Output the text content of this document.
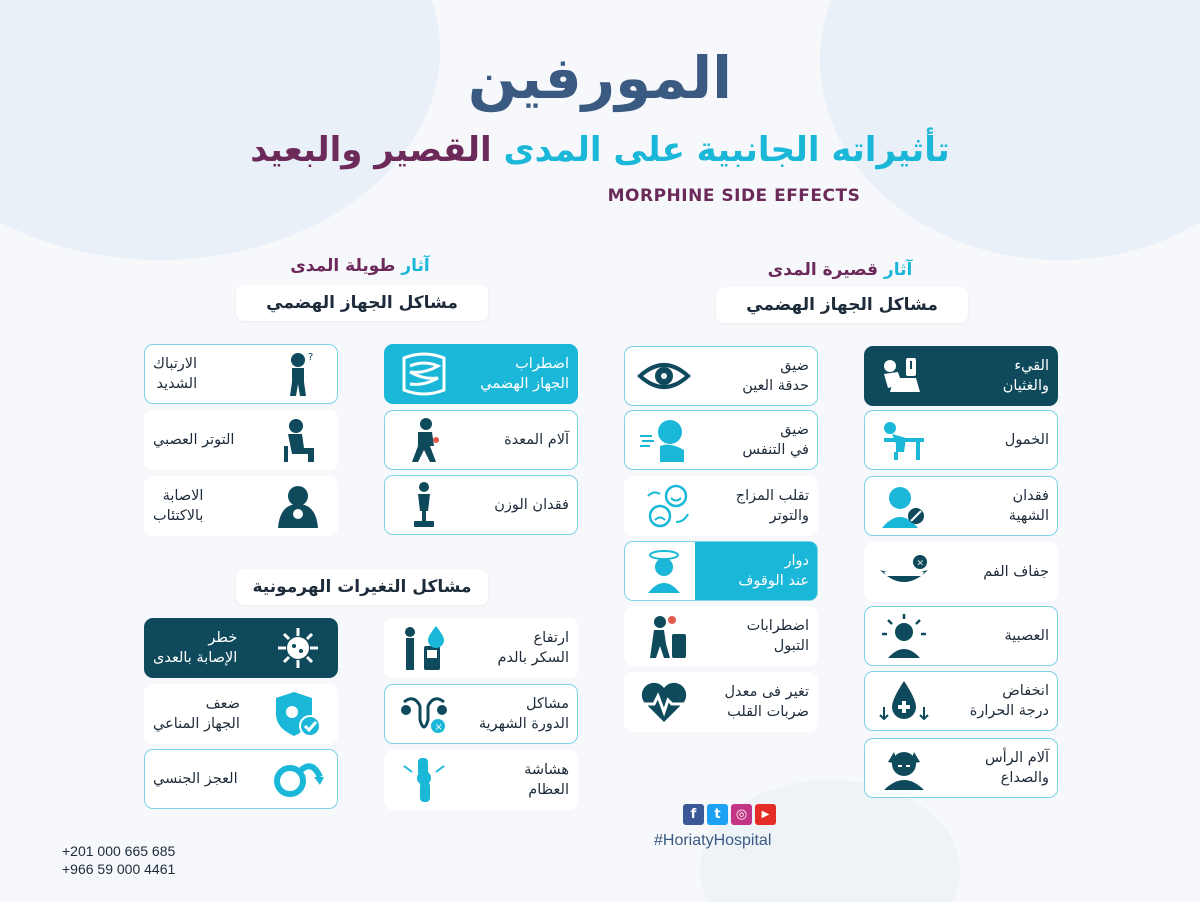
المورفين
تأثيراته الجانبية على المدى القصير والبعيد
MORPHINE SIDE EFFECTS
آثار قصيرة المدى
مشاكل الجهاز الهضمي
آثار طويلة المدى
مشاكل الجهاز الهضمي
مشاكل التغيرات الهرمونية
القيء
والغثيان
الخمول
فقدان
الشهية
×
جفاف الفم
العصبية
انخفاض
درجة الحرارة
آلام الرأس
والصداع
ضيق
حدقة العين
ضيق
في التنفس
تقلب المزاج
والتوتر
دوار
عند الوقوف
اضطرابات
التبول
تغير فى معدل
ضربات القلب
اضطراب
الجهاز الهضمي
آلام المعدة
فقدان الوزن
?
الارتباك
الشديد
التوتر العصبي
الاصابة
بالاكتئاب
ارتفاع
السكر بالدم
×
مشاكل
الدورة الشهرية
هشاشة
العظام
خطر
الإصابة بالعدى
ضعف
الجهاز المناعي
العجز الجنسي
f	t	◎	▶
#HoriatyHospital
+201 000 665 685
+966 59 000 4461
